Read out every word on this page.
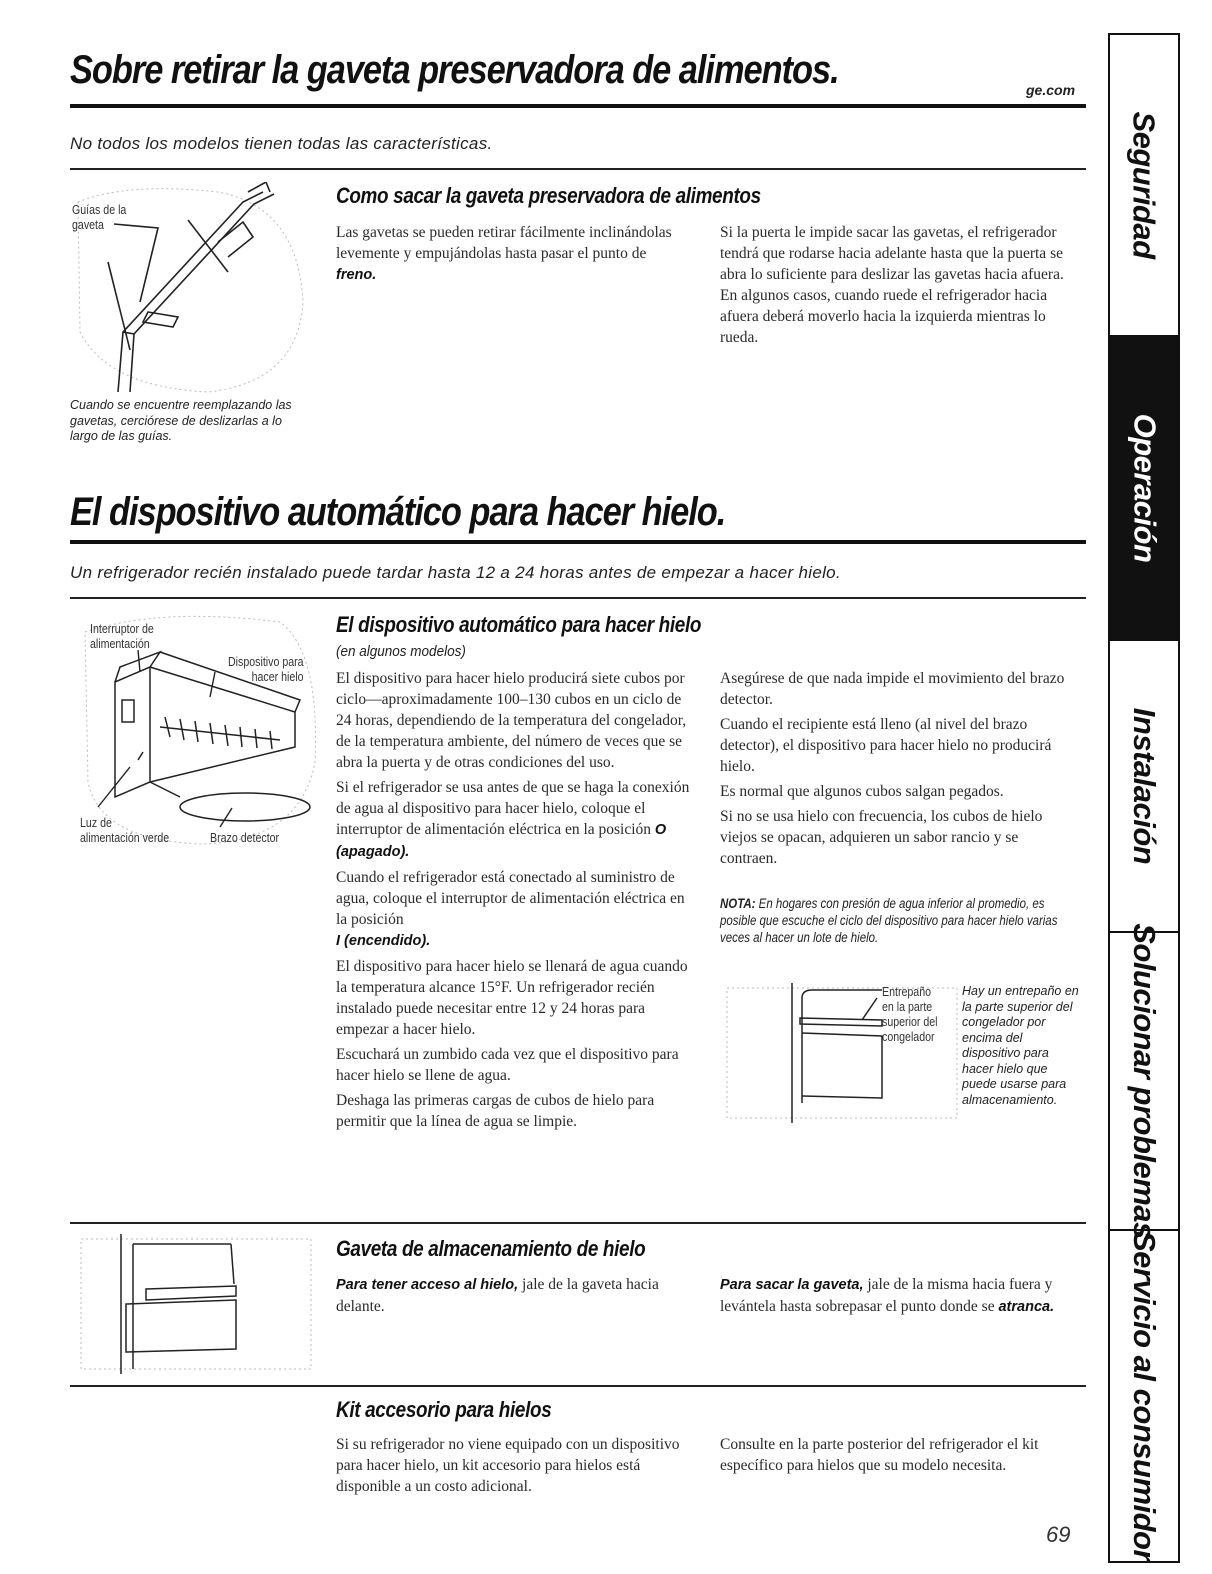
Sobre retirar la gaveta preservadora de alimentos.	ge.com
No todos los modelos tienen todas las características.
Guías de la
gaveta
Cuando se encuentre reemplazando las gavetas, cerciórese de deslizarlas a lo largo de las guías.
Como sacar la gaveta preservadora de alimentos
Las gavetas se pueden retirar fácilmente inclinándolas levemente y empujándolas hasta pasar el punto de freno.
Si la puerta le impide sacar las gavetas, el refrigerador tendrá que rodarse hacia adelante hasta que la puerta se abra lo suficiente para deslizar las gavetas hacia afuera. En algunos casos, cuando ruede el refrigerador hacia afuera deberá moverlo hacia la izquierda mientras lo rueda.
El dispositivo automático para hacer hielo.
Un refrigerador recién instalado puede tardar hasta 12 a 24 horas antes de empezar a hacer hielo.
Interruptor de
alimentación
Dispositivo para
hacer hielo
Luz de
alimentación verde	Brazo detector
El dispositivo automático para hacer hielo
(en algunos modelos)

El dispositivo para hacer hielo producirá siete cubos por ciclo—aproximadamente 100–130 cubos en un ciclo de 24 horas, dependiendo de la temperatura del congelador, de la temperatura ambiente, del número de veces que se abra la puerta y de otras condiciones del uso.

Si el refrigerador se usa antes de que se haga la conexión de agua al dispositivo para hacer hielo, coloque el interruptor de alimentación eléctrica en la posición O (apagado).

Cuando el refrigerador está conectado al suministro de agua, coloque el interruptor de alimentación eléctrica en la posición
I (encendido).

El dispositivo para hacer hielo se llenará de agua cuando la temperatura alcance 15°F. Un refrigerador recién instalado puede necesitar entre 12 y 24 horas para empezar a hacer hielo.

Escuchará un zumbido cada vez que el dispositivo para hacer hielo se llene de agua.

Deshaga las primeras cargas de cubos de hielo para permitir que la línea de agua se limpie.

Asegúrese de que nada impide el movimiento del brazo detector.

Cuando el recipiente está lleno (al nivel del brazo detector), el dispositivo para hacer hielo no producirá hielo.

Es normal que algunos cubos salgan pegados.

Si no se usa hielo con frecuencia, los cubos de hielo viejos se opacan, adquieren un sabor rancio y se contraen.

NOTA: En hogares con presión de agua inferior al promedio, es posible que escuche el ciclo del dispositivo para hacer hielo varias veces al hacer un lote de hielo.
Entrepaño
en la parte
superior del
congelador
Hay un entrepaño en la parte superior del congelador por encima del dispositivo para hacer hielo que puede usarse para almacenamiento.
Gaveta de almacenamiento de hielo
Para tener acceso al hielo, jale de la gaveta hacia delante.
Para sacar la gaveta, jale de la misma hacia fuera y levántela hasta sobrepasar el punto donde se atranca.
Kit accesorio para hielos
Si su refrigerador no viene equipado con un dispositivo para hacer hielo, un kit accesorio para hielos está disponible a un costo adicional.
Consulte en la parte posterior del refrigerador el kit específico para hielos que su modelo necesita.
69
Seguridad
Operación
Instalación
Solucionar problemas
Servicio al consumidor
